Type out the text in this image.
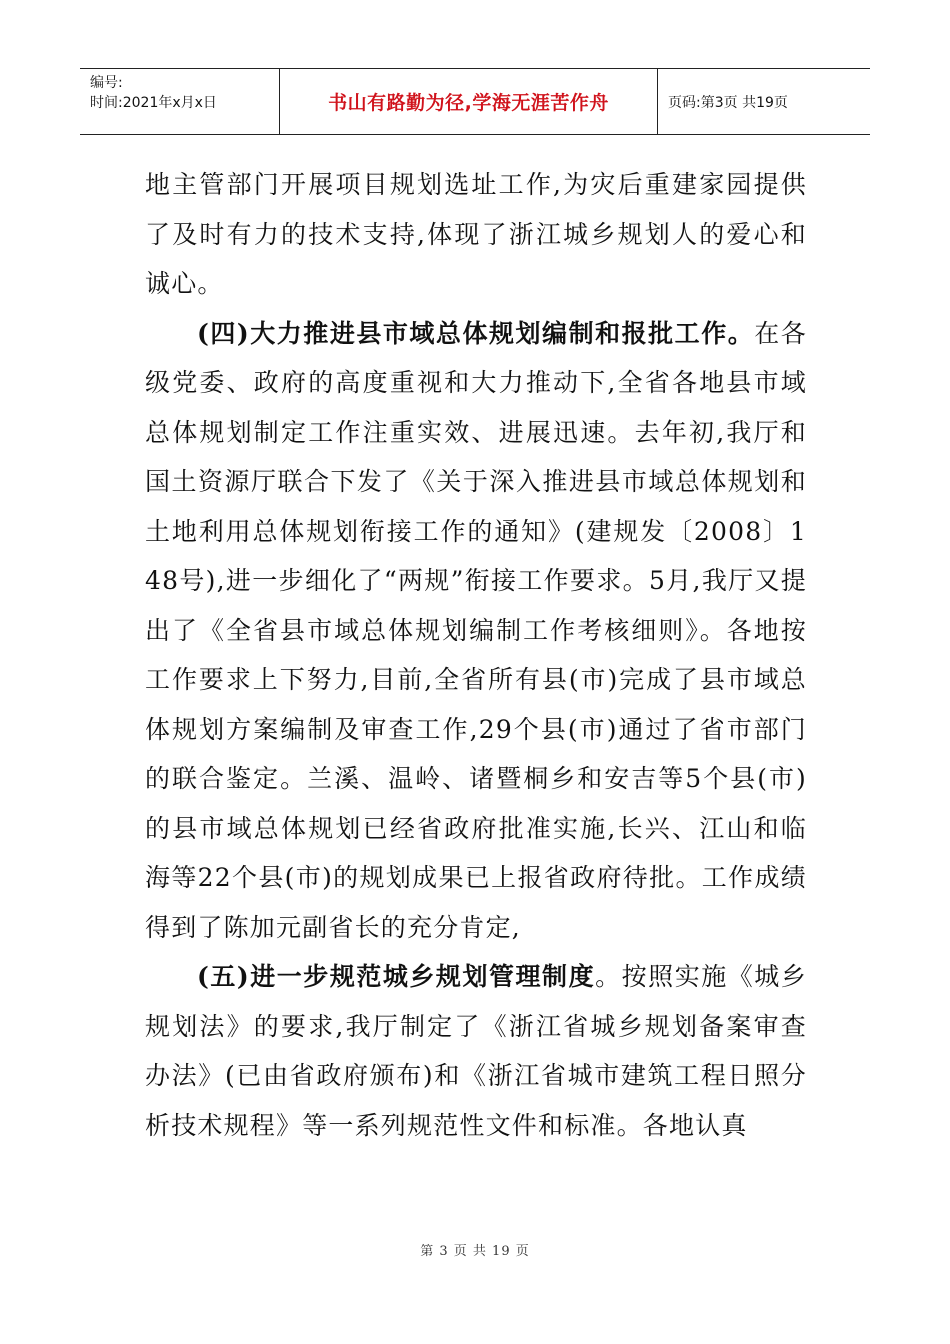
编号:
时间:2021年x月x日	书山有路勤为径,学海无涯苦作舟	页码:第3页 共19页

地主管部门开展项目规划选址工作,为灾后重建家园提供了及时有力的技术支持,体现了浙江城乡规划人的爱心和诚心。

(四)大力推进县市域总体规划编制和报批工作。在各级党委、政府的高度重视和大力推动下,全省各地县市域总体规划制定工作注重实效、进展迅速。去年初,我厅和国土资源厅联合下发了《关于深入推进县市域总体规划和土地利用总体规划衔接工作的通知》(建规发〔2008〕148号),进一步细化了“两规”衔接工作要求。5月,我厅又提出了《全省县市域总体规划编制工作考核细则》。各地按工作要求上下努力,目前,全省所有县(市)完成了县市域总体规划方案编制及审查工作,29个县(市)通过了省市部门的联合鉴定。兰溪、温岭、诸暨桐乡和安吉等5个县(市)的县市域总体规划已经省政府批准实施,长兴、江山和临海等22个县(市)的规划成果已上报省政府待批。工作成绩得到了陈加元副省长的充分肯定,

(五)进一步规范城乡规划管理制度。按照实施《城乡规划法》的要求,我厅制定了《浙江省城乡规划备案审查办法》(已由省政府颁布)和《浙江省城市建筑工程日照分析技术规程》等一系列规范性文件和标准。各地认真

第 3 页 共 19 页
